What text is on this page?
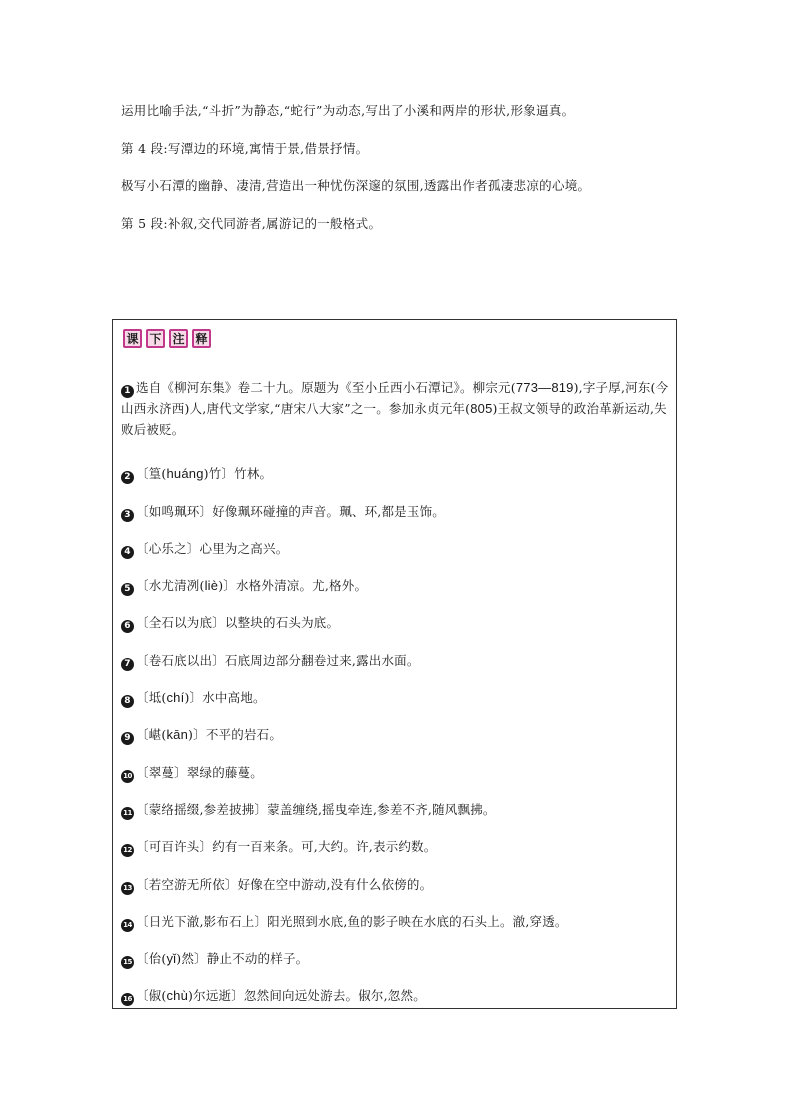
运用比喻手法,“斗折”为静态,“蛇行”为动态,写出了小溪和两岸的形状,形象逼真。
第 4 段:写潭边的环境,寓情于景,借景抒情。
极写小石潭的幽静、凄清,营造出一种忧伤深邃的氛围,透露出作者孤凄悲凉的心境。
第 5 段:补叙,交代同游者,属游记的一般格式。
课 下 注 释
1 选自《柳河东集》卷二十九。原题为《至小丘西小石潭记》。柳宗元(773—819),字子厚,河东(今山西永济西)人,唐代文学家,“唐宋八大家”之一。参加永贞元年(805)王叔文领导的政治革新运动,失败后被贬。
2 〔篁(huáng)竹〕竹林。
3 〔如鸣珮环〕好像珮环碰撞的声音。珮、环,都是玉饰。
4 〔心乐之〕心里为之高兴。
5 〔水尤清冽(liè)〕水格外清凉。尤,格外。
6 〔全石以为底〕以整块的石头为底。
7 〔卷石底以出〕石底周边部分翻卷过来,露出水面。
8 〔坻(chí)〕水中高地。
9 〔嵁(kān)〕不平的岩石。
10 〔翠蔓〕翠绿的藤蔓。
11 〔蒙络摇缀,参差披拂〕蒙盖缠绕,摇曳牵连,参差不齐,随风飘拂。
12 〔可百许头〕约有一百来条。可,大约。许,表示约数。
13 〔若空游无所依〕好像在空中游动,没有什么依傍的。
14 〔日光下澈,影布石上〕阳光照到水底,鱼的影子映在水底的石头上。澈,穿透。
15 〔佁(yǐ)然〕静止不动的样子。
16 〔俶(chù)尔远逝〕忽然间向远处游去。俶尔,忽然。
